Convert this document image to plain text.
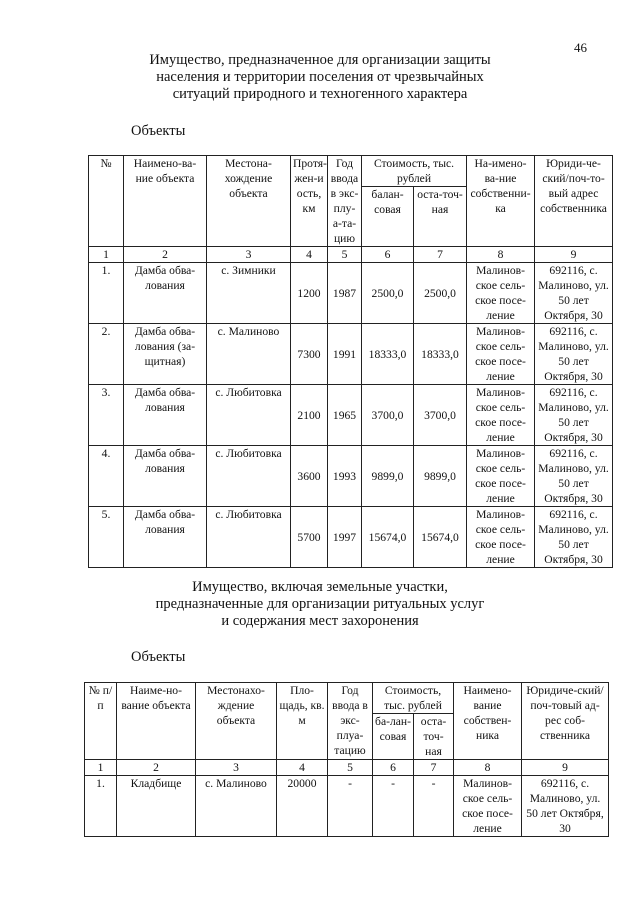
46
Имущество, предназначенное для организации защиты
населения и территории поселения от чрезвычайных
ситуаций природного и техногенного характера
Объекты
№	Наимено-ва-ние объекта	Местона-хождение объекта	Протя-жен-и ость, км	Год ввода в экс-плу-а-та-цию	Стоимость, тыс. рублей		На-имено-ва-ние собственни-ка	Юриди-че-ский/поч-то-вый адрес собственника
					балан-совая	оста-точ-ная		
1	2	3	4	5	6	7	8	9
1.	Дамба обва-лования	с. Зимники	1200	1987	2500,0	2500,0	Малинов-ское сель-ское посе-ление	692116, с. Малиново, ул. 50 лет Октября, 30
2.	Дамба обва-лования (за-щитная)	с. Малиново	7300	1991	18333,0	18333,0	Малинов-ское сель-ское посе-ление	692116, с. Малиново, ул. 50 лет Октября, 30
3.	Дамба обва-лования	с. Любитовка	2100	1965	3700,0	3700,0	Малинов-ское сель-ское посе-ление	692116, с. Малиново, ул. 50 лет Октября, 30
4.	Дамба обва-лования	с. Любитовка	3600	1993	9899,0	9899,0	Малинов-ское сель-ское посе-ление	692116, с. Малиново, ул. 50 лет Октября, 30
5.	Дамба обва-лования	с. Любитовка	5700	1997	15674,0	15674,0	Малинов-ское сель-ское посе-ление	692116, с. Малиново, ул. 50 лет Октября, 30
Имущество, включая земельные участки,
предназначенные для организации ритуальных услуг
и содержания мест захоронения
Объекты
№ п/п	Наиме-но-вание объекта	Местонахо-ждение объекта	Пло-щадь, кв. м	Год ввода в экс-плуа-тацию	Стоимость, тыс. рублей		Наимено-вание собствен-ника	Юридиче-ский/поч-товый ад-рес соб-ственника
					ба-лан-совая	оста-точ-ная		
1	2	3	4	5	6	7	8	9
1.	Кладбище	с. Малиново	20000	-	-	-	Малинов-ское сель-ское посе-ление	692116, с. Малиново, ул. 50 лет Октября, 30
